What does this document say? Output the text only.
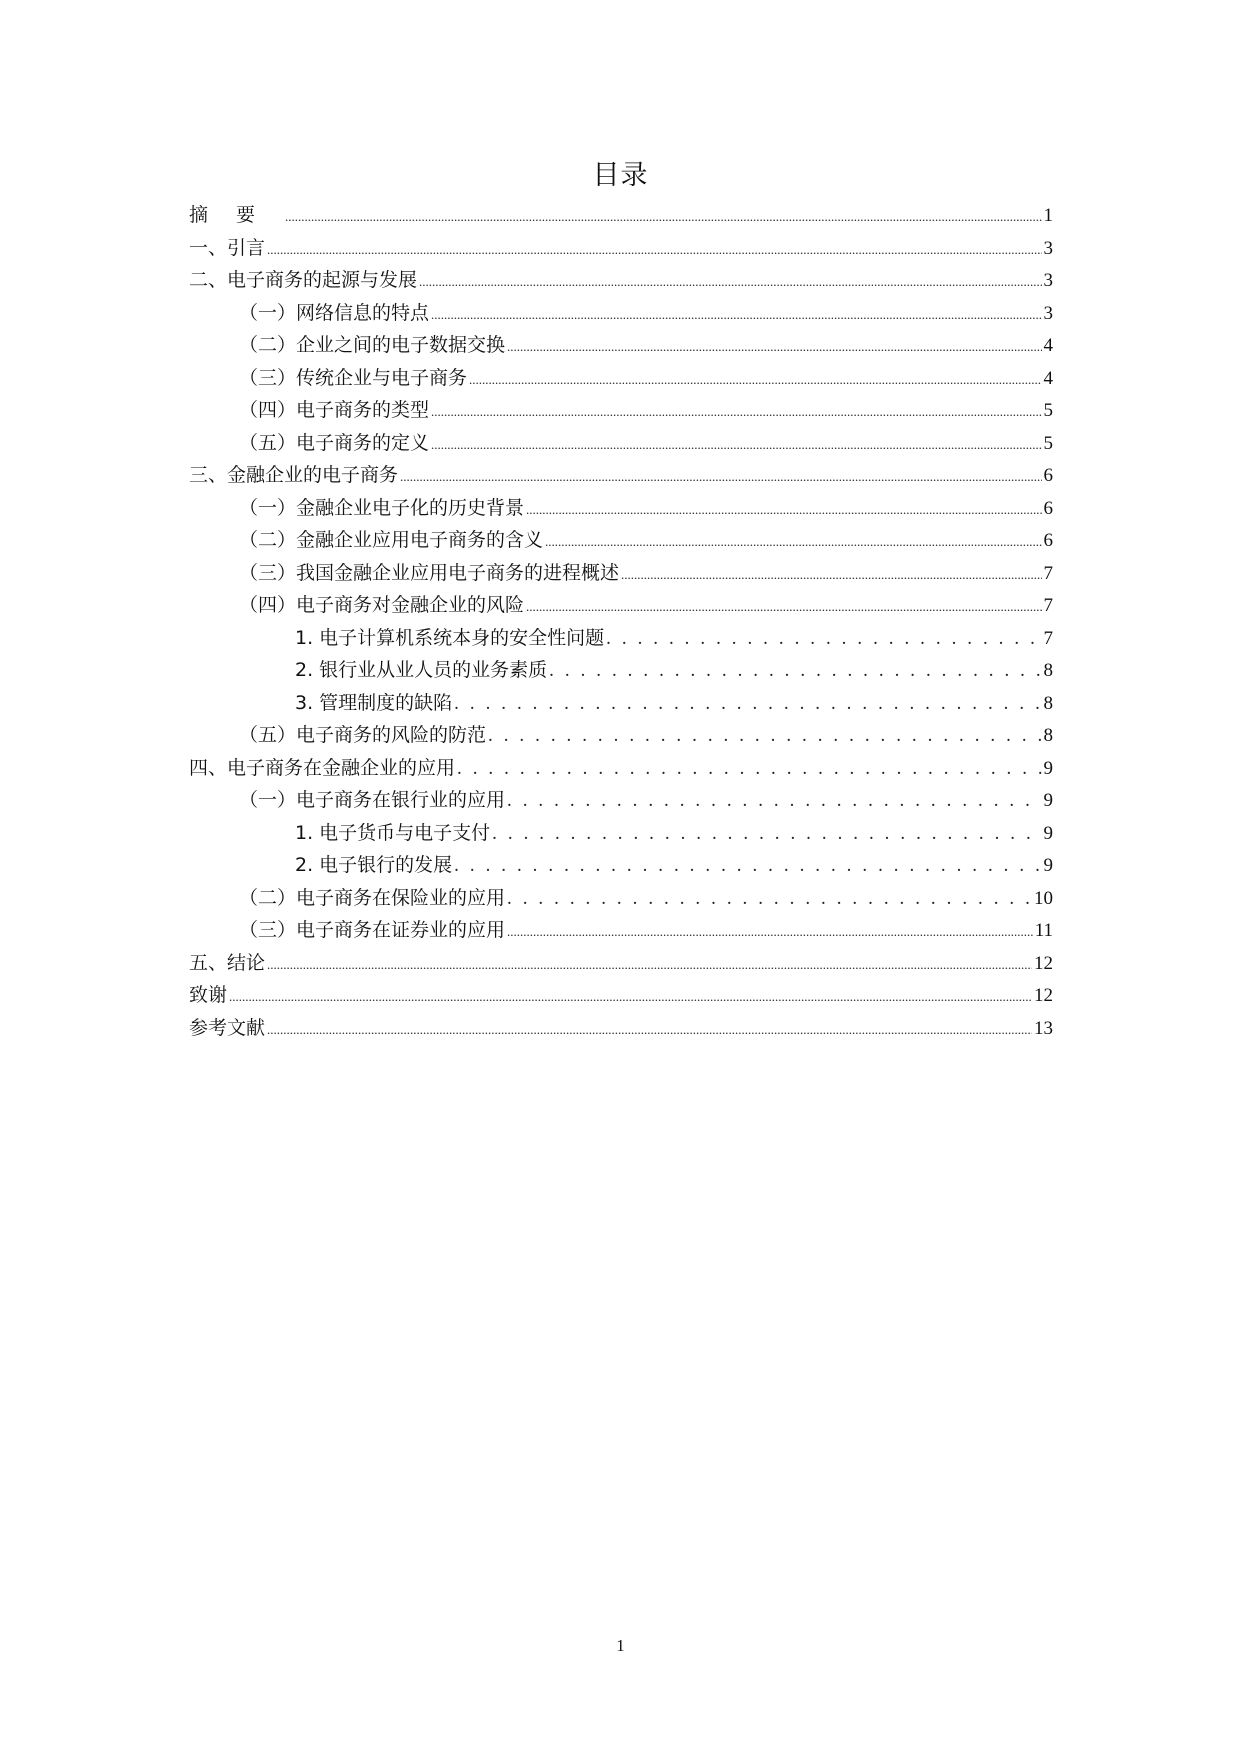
目录
摘要 .....	1
一、引言 .....	3
二、电子商务的起源与发展 .....	3
（一）网络信息的特点 .....	3
（二）企业之间的电子数据交换 .....	4
（三）传统企业与电子商务 .....	4
（四）电子商务的类型 .....	5
（五）电子商务的定义 .....	5
三、金融企业的电子商务 .....	6
（一）金融企业电子化的历史背景 .....	6
（二）金融企业应用电子商务的含义 .....	6
（三）我国金融企业应用电子商务的进程概述 .....	7
（四）电子商务对金融企业的风险 .....	7
1. 电子计算机系统本身的安全性问题 . . .	7
2. 银行业从业人员的业务素质 . . .	8
3. 管理制度的缺陷 . . .	8
（五）电子商务的风险的防范 . . .	8
四、电子商务在金融企业的应用 . . .	9
（一）电子商务在银行业的应用 . . .	9
1. 电子货币与电子支付 . . .	9
2. 电子银行的发展 . . .	9
（二）电子商务在保险业的应用 . . .	10
（三）电子商务在证券业的应用 .....	11
五、结论 .....	12
致谢 .....	12
参考文献 .....	13
1
